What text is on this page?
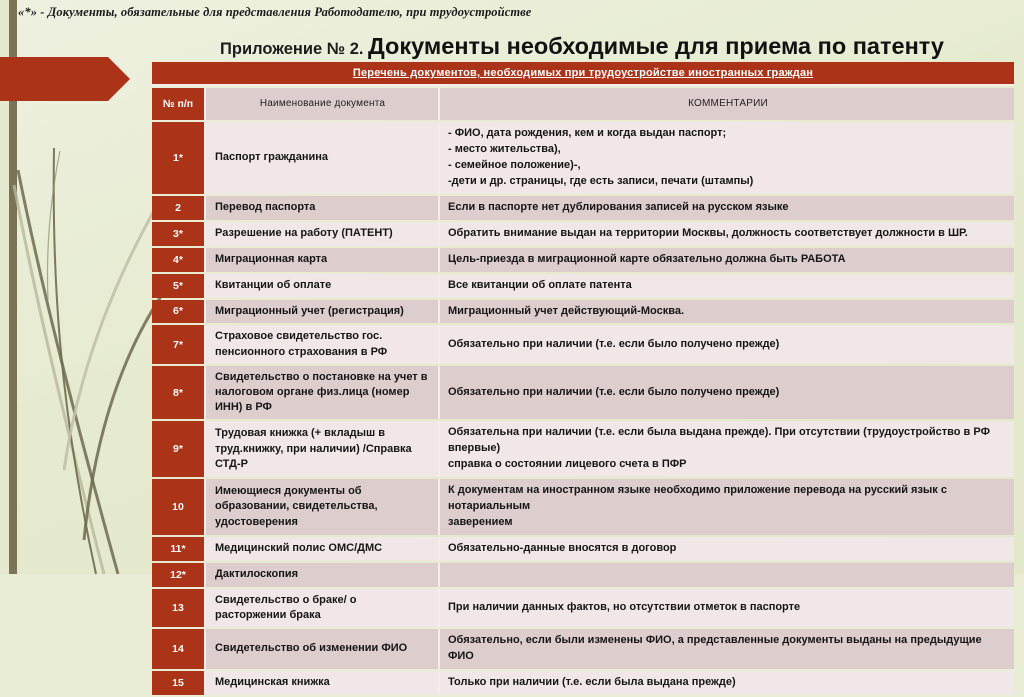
«*» - Документы, обязательные для представления Работодателю, при трудоустройстве
Приложение № 2. Документы необходимые для приема по патенту
Перечень документов, необходимых при трудоустройстве иностранных граждан
№ п/п	Наименование документа	КОММЕНТАРИИ
1*	Паспорт гражданина	- ФИО, дата рождения, кем и когда выдан паспорт;
- место жительства),
- семейное положение)-,
-дети и др. страницы, где есть записи, печати (штампы)

2	Перевод паспорта	Если в паспорте нет дублирования записей на русском языке

3*	Разрешение на работу (ПАТЕНТ)	Обратить внимание выдан на территории Москвы, должность соответствует должности в ШР.

4*	Миграционная карта	Цель-приезда в миграционной карте обязательно должна быть РАБОТА

5*	Квитанции об оплате	Все квитанции об оплате патента

6*	Миграционный учет (регистрация)	Миграционный учет действующий-Москва.

7*	Страховое свидетельство гос. пенсионного страхования в РФ	Обязательно при наличии (т.е. если было получено прежде)

8*	Свидетельство о постановке на учет в налоговом органе физ.лица (номер ИНН) в РФ	Обязательно при наличии (т.е. если было получено прежде)

9*	Трудовая книжка (+ вкладыш в труд.книжку, при наличии) /Справка СТД-Р	Обязательна при наличии (т.е. если была выдана прежде). При отсутствии (трудоустройство в РФ впервые)
справка о состоянии лицевого счета в ПФР

10	Имеющиеся документы об образовании, свидетельства, удостоверения	К документам на иностранном языке необходимо приложение перевода на русский язык с нотариальным
заверением

11*	Медицинский полис ОМС/ДМС	Обязательно-данные вносятся в договор

12*	Дактилоскопия	

13	Свидетельство о браке/ о расторжении брака	При наличии данных фактов, но отсутствии отметок в паспорте

14	Свидетельство об изменении ФИО	Обязательно, если были изменены ФИО, а представленные документы выданы на предыдущие ФИО

15	Медицинская книжка	Только при наличии (т.е. если была выдана прежде)
